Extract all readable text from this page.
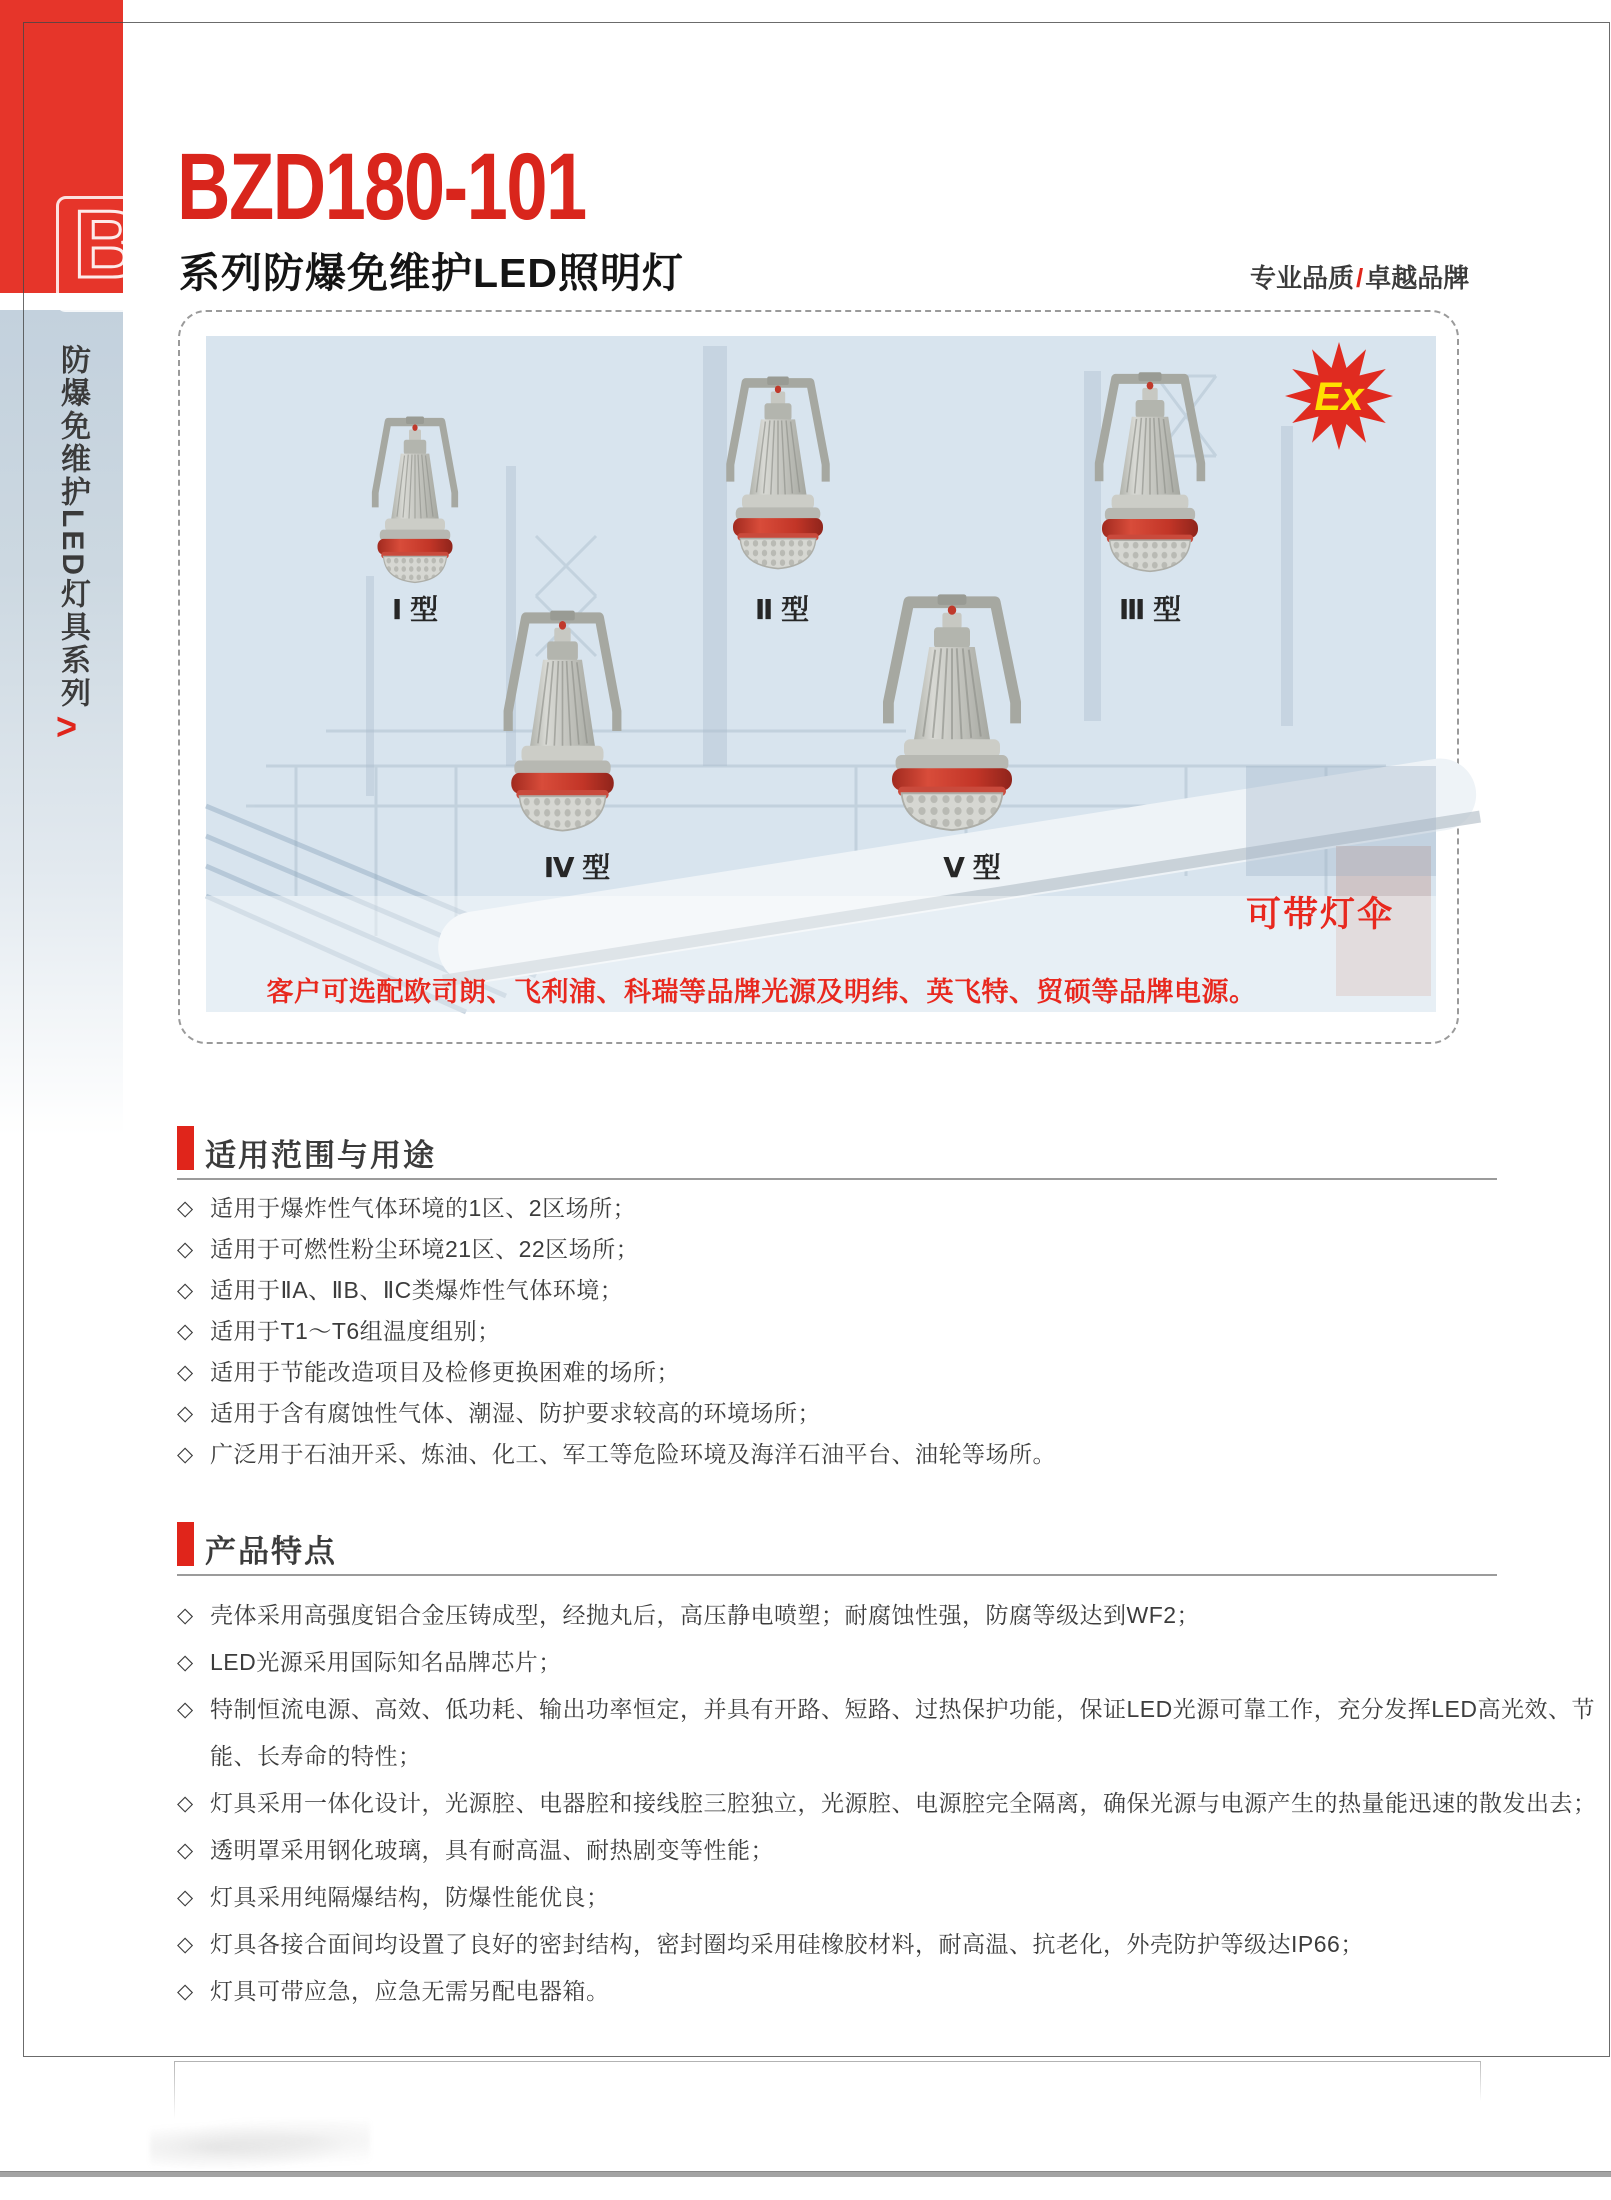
B
防爆免维护LED灯具系列
>
BZD180-101
系列防爆免维护LED照明灯	专业品质/卓越品牌
Ex
Ⅰ 型	Ⅱ 型	Ⅲ 型
Ⅳ 型	Ⅴ 型
可带灯伞
客户可选配欧司朗、飞利浦、科瑞等品牌光源及明纬、英飞特、贸硕等品牌电源。
适用范围与用途
◇ 适用于爆炸性气体环境的1区、2区场所；
◇ 适用于可燃性粉尘环境21区、22区场所；
◇ 适用于ⅡA、ⅡB、ⅡC类爆炸性气体环境；
◇ 适用于T1～T6组温度组别；
◇ 适用于节能改造项目及检修更换困难的场所；
◇ 适用于含有腐蚀性气体、潮湿、防护要求较高的环境场所；
◇ 广泛用于石油开采、炼油、化工、军工等危险环境及海洋石油平台、油轮等场所。
产品特点
◇ 壳体采用高强度铝合金压铸成型，经抛丸后，高压静电喷塑；耐腐蚀性强，防腐等级达到WF2；
◇ LED光源采用国际知名品牌芯片；
◇ 特制恒流电源、高效、低功耗、输出功率恒定，并具有开路、短路、过热保护功能，保证LED光源可靠工作，充分发挥LED高光效、节
能、长寿命的特性；
◇ 灯具采用一体化设计，光源腔、电器腔和接线腔三腔独立，光源腔、电源腔完全隔离，确保光源与电源产生的热量能迅速的散发出去；
◇ 透明罩采用钢化玻璃，具有耐高温、耐热剧变等性能；
◇ 灯具采用纯隔爆结构，防爆性能优良；
◇ 灯具各接合面间均设置了良好的密封结构，密封圈均采用硅橡胶材料，耐高温、抗老化，外壳防护等级达IP66；
◇ 灯具可带应急，应急无需另配电器箱。
